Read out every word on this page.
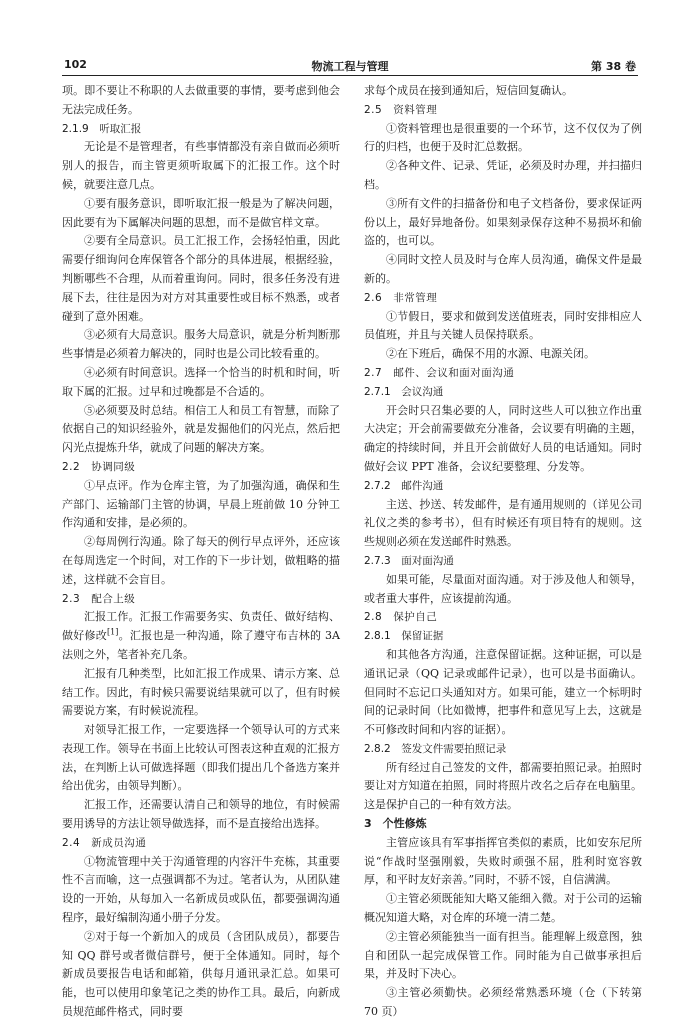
102	物流工程与管理	第 38 卷
项。即不要让不称职的人去做重要的事情，要考虑到他会无法完成任务。
2.1.9　听取汇报
无论是不是管理者，有些事情都没有亲自做而必须听别人的报告，而主管更须听取属下的汇报工作。这个时候，就要注意几点。
①要有服务意识，即听取汇报一般是为了解决问题，因此要有为下属解决问题的思想，而不是做官样文章。
②要有全局意识。员工汇报工作，会扬轻怕重，因此需要仔细询问仓库保管各个部分的具体进展，根据经验，判断哪些不合理，从而着重询问。同时，很多任务没有进展下去，往往是因为对方对其重要性或目标不熟悉，或者碰到了意外困难。
③必须有大局意识。服务大局意识，就是分析判断那些事情是必须着力解决的，同时也是公司比较看重的。
④必须有时间意识。选择一个恰当的时机和时间，听取下属的汇报。过早和过晚都是不合适的。
⑤必须要及时总结。相信工人和员工有智慧，而除了依据自己的知识经验外，就是发掘他们的闪光点，然后把闪光点提炼升华，就成了问题的解决方案。
2.2　协调同级
①早点评。作为仓库主管，为了加强沟通，确保和生产部门、运输部门主管的协调，早晨上班前做 10 分钟工作沟通和安排，是必须的。
②每周例行沟通。除了每天的例行早点评外，还应该在每周选定一个时间，对工作的下一步计划，做粗略的描述，这样就不会盲目。
2.3　配合上级
汇报工作。汇报工作需要务实、负责任、做好结构、做好修改[1]。汇报也是一种沟通，除了遵守布吉林的 3A 法则之外，笔者补充几条。
汇报有几种类型，比如汇报工作成果、请示方案、总结工作。因此，有时候只需要说结果就可以了，但有时候需要说方案，有时候说流程。
对领导汇报工作，一定要选择一个领导认可的方式来表现工作。领导在书面上比较认可图表这种直观的汇报方法，在判断上认可做选择题（即我们提出几个备选方案并给出优劣，由领导判断）。
汇报工作，还需要认清自己和领导的地位，有时候需要用诱导的方法让领导做选择，而不是直接给出选择。
2.4　新成员沟通
①物流管理中关于沟通管理的内容汗牛充栋，其重要性不言而喻，这一点强调都不为过。笔者认为，从团队建设的一开始，从每加入一名新成员或队伍，都要强调沟通程序，最好编制沟通小册子分发。
②对于每一个新加入的成员（含团队成员），都要告知 QQ 群号或者微信群号，便于全体通知。同时，每个新成员要报告电话和邮箱，供每月通讯录汇总。如果可能，也可以使用印象笔记之类的协作工具。最后，向新成员规范邮件格式，同时要
求每个成员在接到通知后，短信回复确认。
2.5　资料管理
①资料管理也是很重要的一个环节，这不仅仅为了例行的归档，也便于及时汇总数据。
②各种文件、记录、凭证，必须及时办理，并扫描归档。
③所有文件的扫描备份和电子文档备份，要求保证两份以上，最好异地备份。如果刻录保存这种不易损坏和偷盗的，也可以。
④同时文控人员及时与仓库人员沟通，确保文件是最新的。
2.6　非常管理
①节假日，要求和做到发送值班表，同时安排相应人员值班，并且与关键人员保持联系。
②在下班后，确保不用的水源、电源关闭。
2.7　邮件、会议和面对面沟通
2.7.1　会议沟通
开会时只召集必要的人，同时这些人可以独立作出重大决定；开会前需要做充分准备，会议要有明确的主题，确定的持续时间，并且开会前做好人员的电话通知。同时做好会议 PPT 准备，会议纪要整理、分发等。
2.7.2　邮件沟通
主送、抄送、转发邮件，是有通用规则的（详见公司礼仪之类的参考书），但有时候还有项目特有的规则。这些规则必须在发送邮件时熟悉。
2.7.3　面对面沟通
如果可能，尽量面对面沟通。对于涉及他人和领导，或者重大事件，应该提前沟通。
2.8　保护自己
2.8.1　保留证据
和其他各方沟通，注意保留证据。这种证据，可以是通讯记录（QQ 记录或邮件记录），也可以是书面确认。但同时不忘记口头通知对方。如果可能，建立一个标明时间的记录时间（比如微博，把事件和意见写上去，这就是不可修改时间和内容的证据）。
2.8.2　签发文件需要拍照记录
所有经过自己签发的文件，都需要拍照记录。拍照时要让对方知道在拍照，同时将照片改名之后存在电脑里。这是保护自己的一种有效方法。
3　个性修炼
主管应该具有军事指挥官类似的素质，比如安东尼所说“作战时坚强刚毅，失败时顽强不屈，胜利时宽容敦厚，和平时友好亲善。”同时，不骄不馁，自信满满。
①主管必须既能知大略又能细入微。对于公司的运输概况知道大略，对仓库的环境一清二楚。
②主管必须能独当一面有担当。能理解上级意图，独自和团队一起完成保管工作。同时能为自己做事承担后果，并及时下决心。
③主管必须勤快。必须经常熟悉环境（仓（下转第 70 页）
